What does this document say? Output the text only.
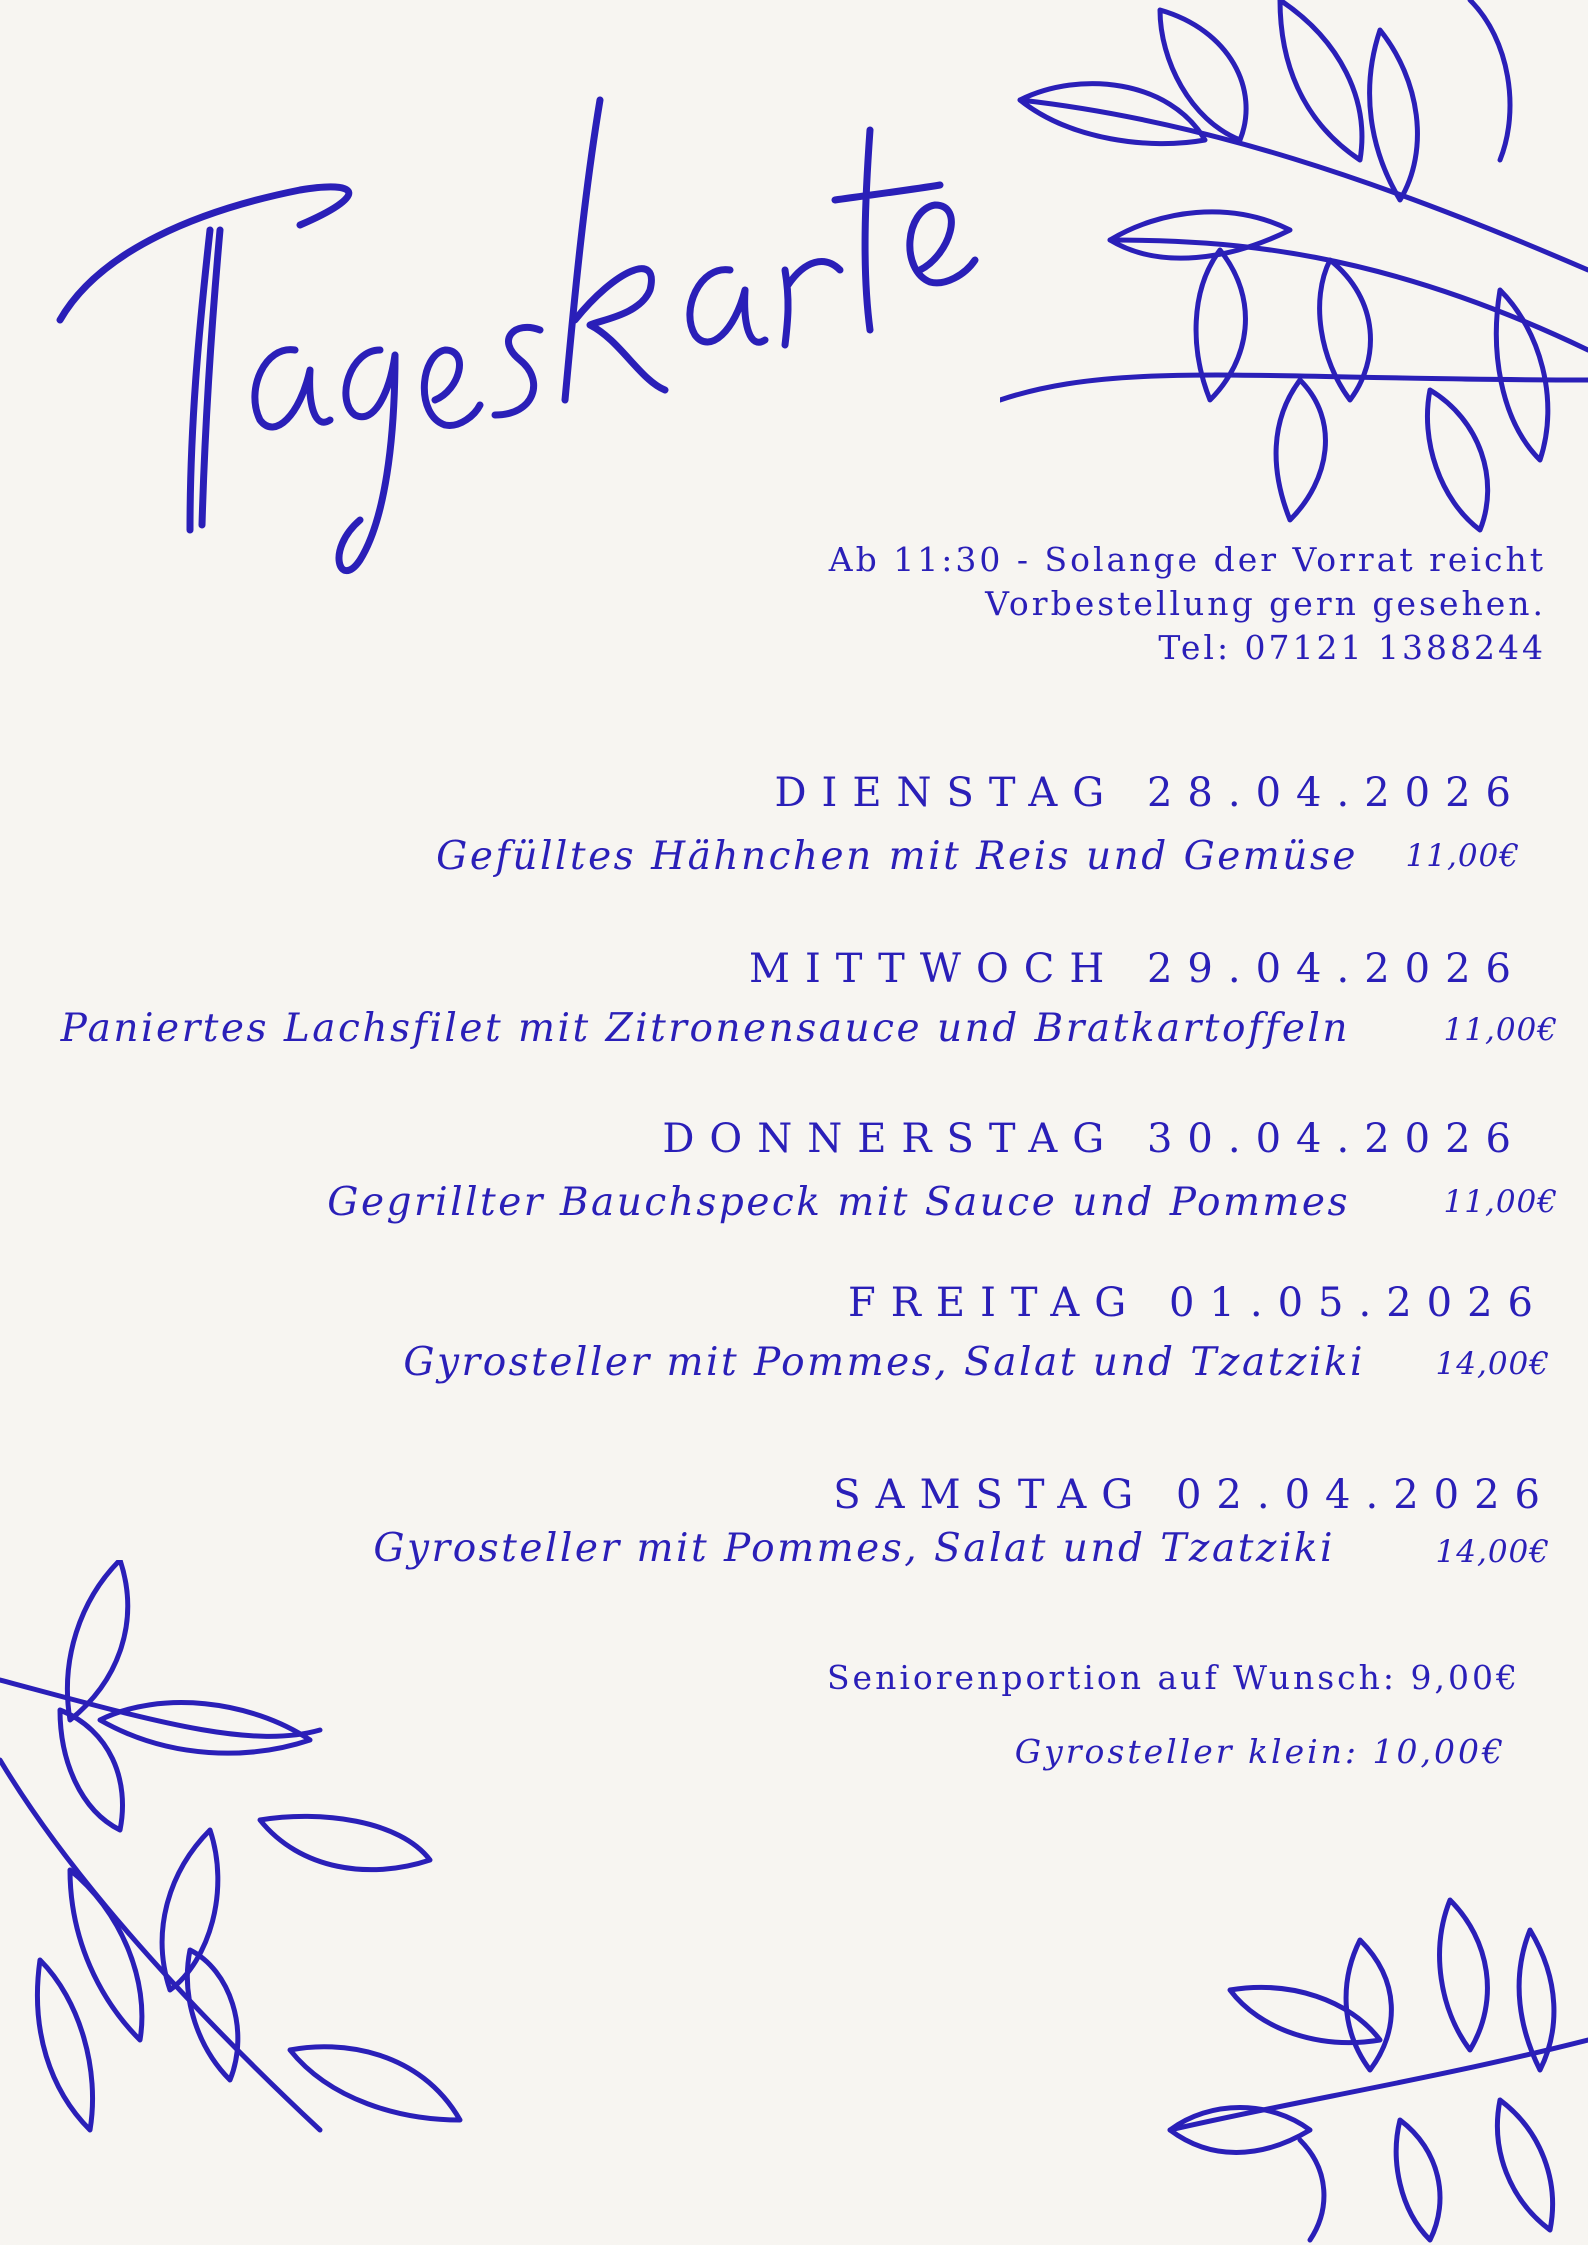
Ab 11:30 - Solange der Vorrat reicht
Vorbestellung gern gesehen.
Tel: 07121 1388244
DIENSTAG 28.04.2026
Gefülltes Hähnchen mit Reis und Gemüse 11,00€
MITTWOCH 29.04.2026
Paniertes Lachsfilet mit Zitronensauce und Bratkartoffeln	11,00€
DONNERSTAG 30.04.2026
Gegrillter Bauchspeck mit Sauce und Pommes	11,00€
FREITAG 01.05.2026
Gyrosteller mit Pommes, Salat und Tzatziki 14,00€
SAMSTAG 02.04.2026
Gyrosteller mit Pommes, Salat und Tzatziki	14,00€
Seniorenportion auf Wunsch: 9,00€
Gyrosteller klein: 10,00€
